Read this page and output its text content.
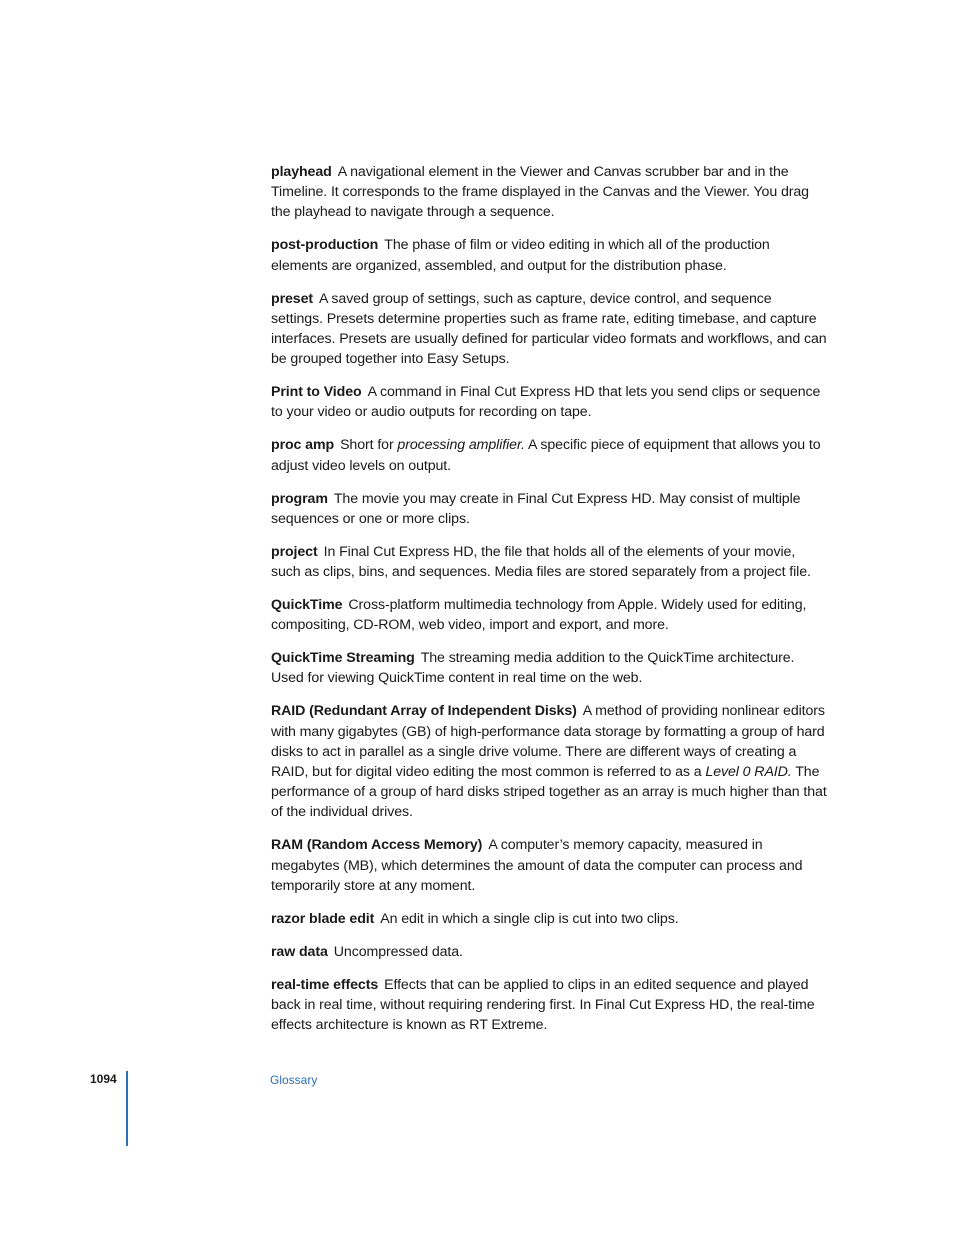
playhead A navigational element in the Viewer and Canvas scrubber bar and in the Timeline. It corresponds to the frame displayed in the Canvas and the Viewer. You drag the playhead to navigate through a sequence.

post-production The phase of film or video editing in which all of the production elements are organized, assembled, and output for the distribution phase.

preset A saved group of settings, such as capture, device control, and sequence settings. Presets determine properties such as frame rate, editing timebase, and capture interfaces. Presets are usually defined for particular video formats and workflows, and can be grouped together into Easy Setups.

Print to Video A command in Final Cut Express HD that lets you send clips or sequence to your video or audio outputs for recording on tape.

proc amp Short for processing amplifier. A specific piece of equipment that allows you to adjust video levels on output.

program The movie you may create in Final Cut Express HD. May consist of multiple sequences or one or more clips.

project In Final Cut Express HD, the file that holds all of the elements of your movie, such as clips, bins, and sequences. Media files are stored separately from a project file.

QuickTime Cross-platform multimedia technology from Apple. Widely used for editing, compositing, CD-ROM, web video, import and export, and more.

QuickTime Streaming The streaming media addition to the QuickTime architecture. Used for viewing QuickTime content in real time on the web.

RAID (Redundant Array of Independent Disks) A method of providing nonlinear editors with many gigabytes (GB) of high-performance data storage by formatting a group of hard disks to act in parallel as a single drive volume. There are different ways of creating a RAID, but for digital video editing the most common is referred to as a Level 0 RAID. The performance of a group of hard disks striped together as an array is much higher than that of the individual drives.

RAM (Random Access Memory) A computer’s memory capacity, measured in megabytes (MB), which determines the amount of data the computer can process and temporarily store at any moment.

razor blade edit An edit in which a single clip is cut into two clips.

raw data Uncompressed data.

real-time effects Effects that can be applied to clips in an edited sequence and played back in real time, without requiring rendering first. In Final Cut Express HD, the real-time effects architecture is known as RT Extreme.

1094	Glossary
